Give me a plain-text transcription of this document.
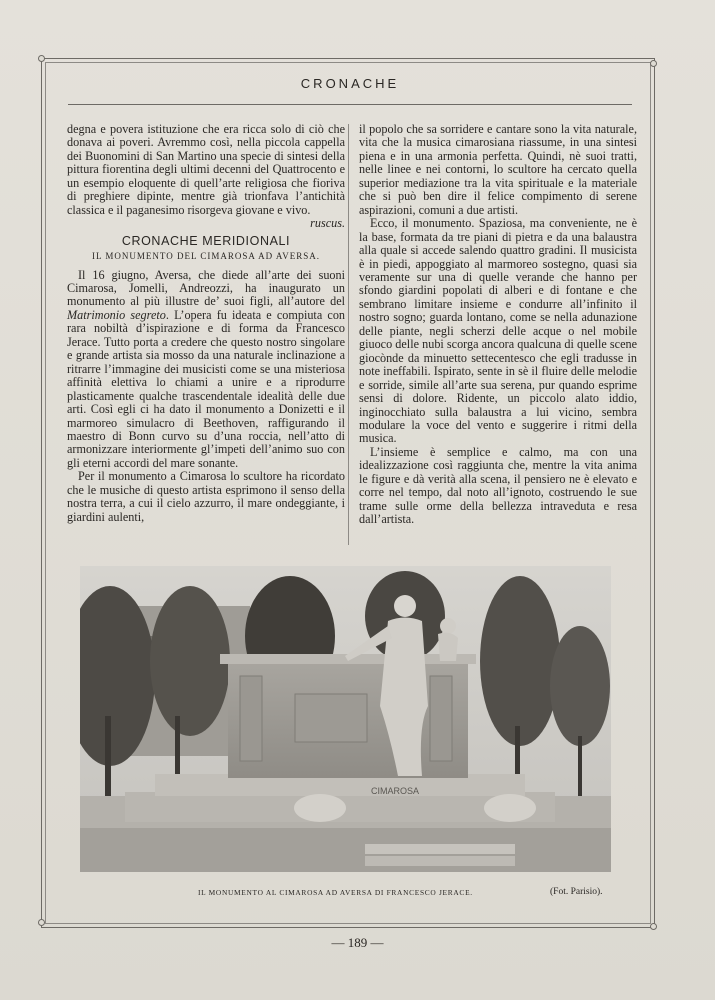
CRONACHE

degna e povera istituzione che era ricca solo di ciò che donava ai poveri. Avremmo così, nella piccola cappella dei Buonomini di San Martino una specie di sintesi della pittura fiorentina degli ultimi decenni del Quattrocento e un esempio eloquente di quell’arte religiosa che fioriva di preghiere dipinte, mentre già trionfava l’antichità classica e il paganesimo risorgeva giovane e vivo.

ruscus.

CRONACHE MERIDIONALI
IL MONUMENTO DEL CIMAROSA AD AVERSA.

Il 16 giugno, Aversa, che diede all’arte dei suoni Cimarosa, Jomelli, Andreozzi, ha inaugurato un monumento al più illustre de’ suoi figli, all’autore del Matrimonio segreto. L’opera fu ideata e compiuta con rara nobiltà d’ispirazione e di forma da Francesco Jerace. Tutto porta a credere che questo nostro singolare e grande artista sia mosso da una naturale inclinazione a ritrarre l’immagine dei musicisti come se una misteriosa affinità elettiva lo chiami a unire e a riprodurre plasticamente qualche trascendentale idealità delle due arti. Così egli ci ha dato il monumento a Donizetti e il marmoreo simulacro di Beethoven, raffigurando il maestro di Bonn curvo su d’una roccia, nell’atto di armonizzare interiormente gl’impeti dell’animo suo con gli eterni accordi del mare sonante.

Per il monumento a Cimarosa lo scultore ha ricordato che le musiche di questo artista esprimono il senso della nostra terra, a cui il cielo azzurro, il mare ondeggiante, i giardini aulenti,

il popolo che sa sorridere e cantare sono la vita naturale, vita che la musica cimarosiana riassume, in una sintesi piena e in una armonia perfetta. Quindi, nè suoi tratti, nelle linee e nei contorni, lo scultore ha cercato quella superior mediazione tra la vita spirituale e la materiale che si può ben dire il felice compimento di serene aspirazioni, comuni a due artisti.

Ecco, il monumento. Spaziosa, ma conveniente, ne è la base, formata da tre piani di pietra e da una balaustra alla quale si accede salendo quattro gradini. Il musicista è in piedi, appoggiato al marmoreo sostegno, quasi sia veramente sur una di quelle verande che hanno per sfondo giardini popolati di alberi e di fontane e che sembrano limitare insieme e condurre all’infinito il nostro sogno; guarda lontano, come se nella adunazione delle piante, negli scherzi delle acque o nel mobile giuoco delle nubi scorga ancora qualcuna di quelle scene giocònde da minuetto settecentesco che egli tradusse in note ineffabili. Ispirato, sente in sè il fluire delle melodie e sorride, simile all’arte sua serena, pur quando esprime sensi di dolore. Ridente, un piccolo alato iddio, inginocchiato sulla balaustra a lui vicino, sembra modulare la voce del vento e suggerire i ritmi della musica.

L’insieme è semplice e calmo, ma con una idealizzazione così raggiunta che, mentre la vita anima le figure e dà verità alla scena, il pensiero ne è elevato e corre nel tempo, dal noto all’ignoto, costruendo le sue trame sulle orme della bellezza intraveduta e resa dall’artista.

CIMAROSA
IL MONUMENTO AL CIMAROSA AD AVERSA DI FRANCESCO JERACE.	(Fot. Parisio).
— 189 —
